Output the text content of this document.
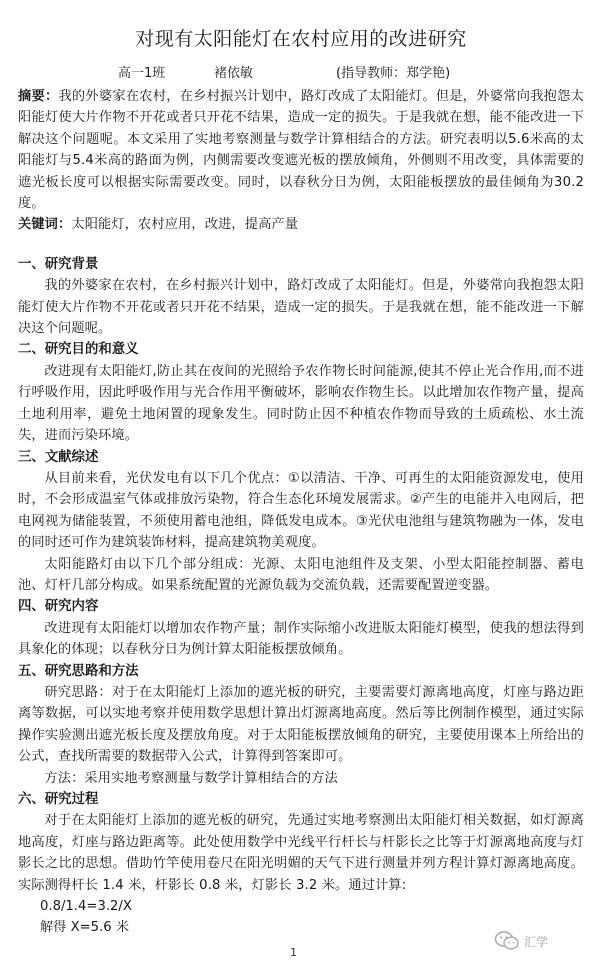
对现有太阳能灯在农村应用的改进研究
高一1班	褚依敏	(指导教师：郑学艳)

摘要：我的外婆家在农村，在乡村振兴计划中，路灯改成了太阳能灯。但是，外婆常向我抱怨太阳能灯使大片作物不开花或者只开花不结果，造成一定的损失。于是我就在想，能不能改进一下解决这个问题呢。本文采用了实地考察测量与数学计算相结合的方法。研究表明以5.6米高的太阳能灯与5.4米高的路面为例，内侧需要改变遮光板的摆放倾角，外侧则不用改变，具体需要的遮光板长度可以根据实际需要改变。同时，以春秋分日为例，太阳能板摆放的最佳倾角为30.2度。

关键词：太阳能灯，农村应用，改进，提高产量

一、研究背景

我的外婆家在农村，在乡村振兴计划中，路灯改成了太阳能灯。但是，外婆常向我抱怨太阳能灯使大片作物不开花或者只开花不结果，造成一定的损失。于是我就在想，能不能改进一下解决这个问题呢。

二、研究目的和意义

改进现有太阳能灯,防止其在夜间的光照给予农作物长时间能源,使其不停止光合作用,而不进行呼吸作用，因此呼吸作用与光合作用平衡破坏，影响农作物生长。以此增加农作物产量，提高土地利用率，避免土地闲置的现象发生。同时防止因不种植农作物而导致的土质疏松、水土流失，进而污染环境。

三、文献综述

从目前来看，光伏发电有以下几个优点：①以清洁、干净、可再生的太阳能资源发电，使用时，不会形成温室气体或排放污染物，符合生态化环境发展需求。②产生的电能并入电网后，把电网视为储能装置，不须使用蓄电池组，降低发电成本。③光伏电池组与建筑物融为一体，发电的同时还可作为建筑装饰材料，提高建筑物美观度。

太阳能路灯由以下几个部分组成：光源、太阳电池组件及支架、小型太阳能控制器、蓄电池、灯杆几部分构成。如果系统配置的光源负载为交流负载，还需要配置逆变器。

四、研究内容

改进现有太阳能灯以增加农作物产量；制作实际缩小改进版太阳能灯模型，使我的想法得到具象化的体现；以春秋分日为例计算太阳能板摆放倾角。

五、研究思路和方法

研究思路：对于在太阳能灯上添加的遮光板的研究，主要需要灯源离地高度，灯座与路边距离等数据，可以实地考察并使用数学思想计算出灯源离地高度。然后等比例制作模型，通过实际操作实验测出遮光板长度及摆放角度。对于太阳能板摆放倾角的研究，主要使用课本上所给出的公式，查找所需要的数据带入公式，计算得到答案即可。

方法：采用实地考察测量与数学计算相结合的方法

六、研究过程

对于在太阳能灯上添加的遮光板的研究，先通过实地考察测出太阳能灯相关数据，如灯源离地高度，灯座与路边距离等。此处使用数学中光线平行杆长与杆影长之比等于灯源离地高度与灯影长之比的思想。借助竹竿使用卷尺在阳光明媚的天气下进行测量并列方程计算灯源离地高度。实际测得杆长 1.4 米，杆影长 0.8 米，灯影长 3.2 米。通过计算:

0.8/1.4=3.2/X

解得 X=5.6 米

1
汇学
